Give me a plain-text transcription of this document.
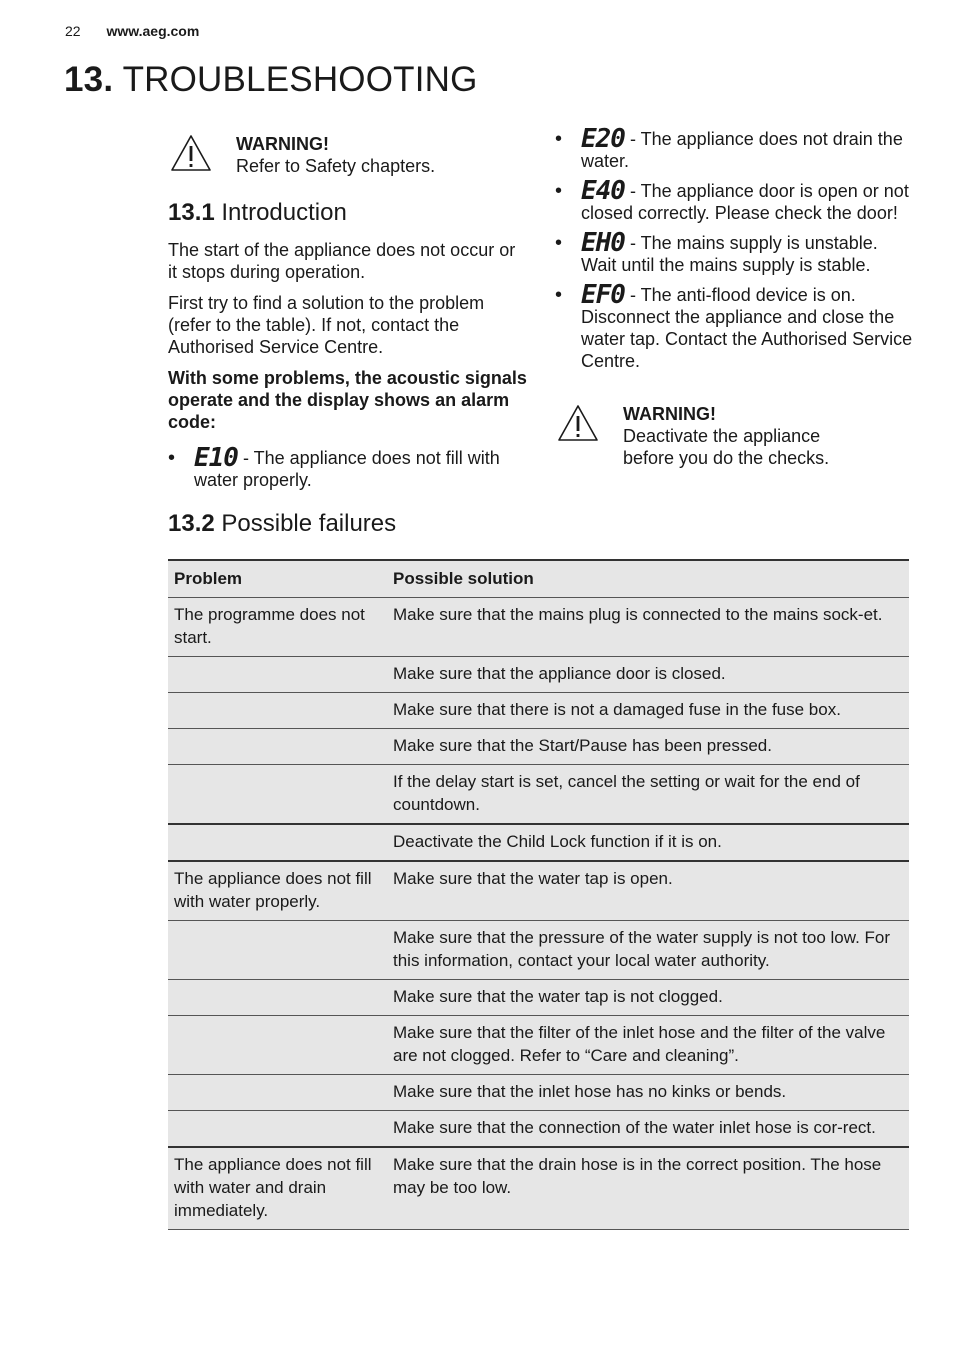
22 www.aeg.com
13. TROUBLESHOOTING
WARNING!
Refer to Safety chapters.
13.1 Introduction

The start of the appliance does not occur or it stops during operation.

First try to find a solution to the problem (refer to the table). If not, contact the Authorised Service Centre.

With some problems, the acoustic signals operate and the display shows an alarm code:

• E10 - The appliance does not fill with water properly.
• E20 - The appliance does not drain the water.
• E40 - The appliance door is open or not closed correctly. Please check the door!
• EH0 - The mains supply is unstable. Wait until the mains supply is stable.
• EF0 - The anti-flood device is on. Disconnect the appliance and close the water tap. Contact the Authorised Service Centre.
WARNING!
Deactivate the appliance before you do the checks.
13.2 Possible failures
Problem	Possible solution
The programme does not start.	Make sure that the mains plug is connected to the mains sock-et.
	Make sure that the appliance door is closed.
	Make sure that there is not a damaged fuse in the fuse box.
	Make sure that the Start/Pause has been pressed.
	If the delay start is set, cancel the setting or wait for the end of countdown.
	Deactivate the Child Lock function if it is on.
The appliance does not fill with water properly.	Make sure that the water tap is open.
	Make sure that the pressure of the water supply is not too low. For this information, contact your local water authority.
	Make sure that the water tap is not clogged.
	Make sure that the filter of the inlet hose and the filter of the valve are not clogged. Refer to “Care and cleaning”.
	Make sure that the inlet hose has no kinks or bends.
	Make sure that the connection of the water inlet hose is cor-rect.
The appliance does not fill with water and drain immediately.	Make sure that the drain hose is in the correct position. The hose may be too low.
